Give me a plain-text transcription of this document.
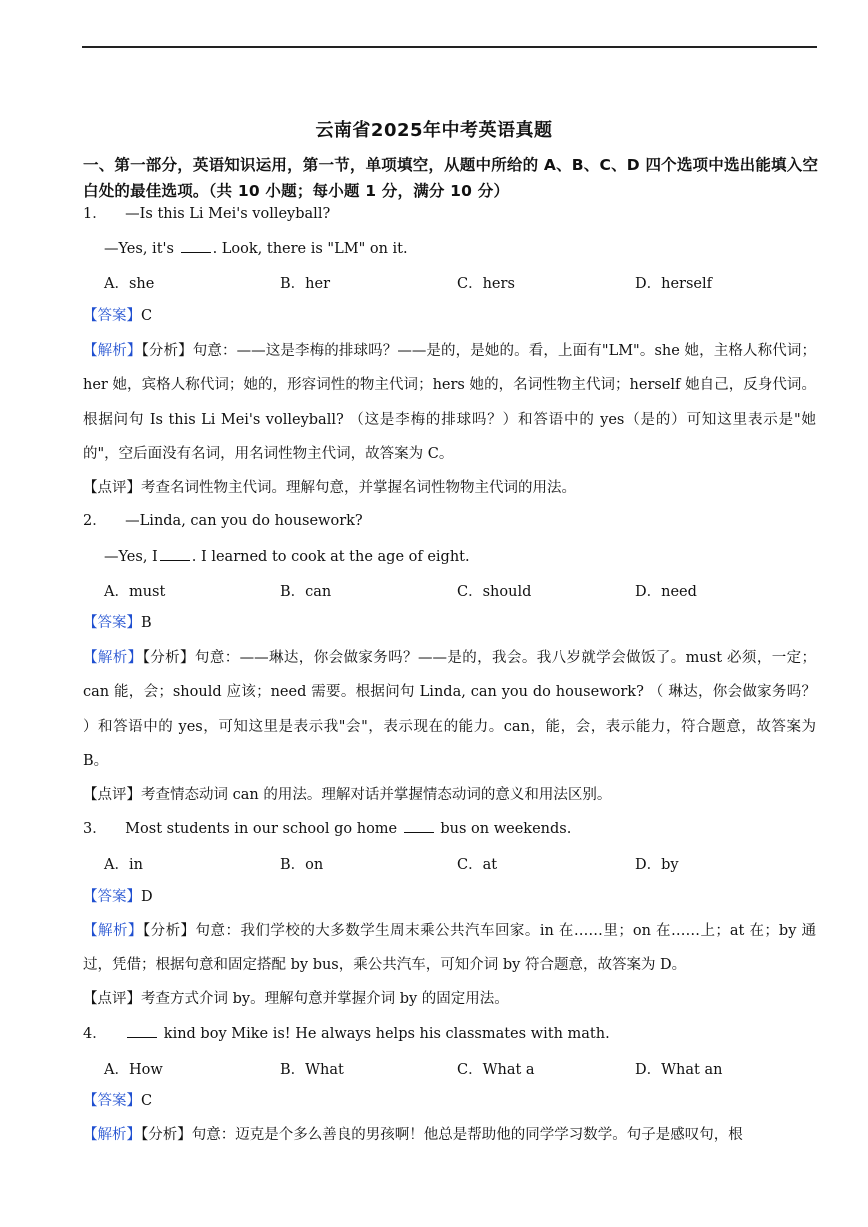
云南省2025年中考英语真题
一、第一部分，英语知识运用，第一节，单项填空，从题中所给的 A、B、C、D 四个选项中选出能填入空白处的最佳选项。（共 10 小题；每小题 1 分，满分 10 分）
1． —Is this Li Mei's volleyball?
—Yes, it's	. Look, there is "LM" on it.
A．she	B．her	C．hers	D．herself
【答案】C
【解析】【分析】句意：——这是李梅的排球吗？——是的，是她的。看，上面有"LM"。she 她，主格人称代词；her 她，宾格人称代词；她的，形容词性的物主代词；hers 她的，名词性物主代词；herself 她自己，反身代词。根据问句 Is this Li Mei's volleyball? （这是李梅的排球吗？）和答语中的 yes（是的）可知这里表示是"她的"，空后面没有名词，用名词性物主代词，故答案为 C。
【点评】考查名词性物主代词。理解句意，并掌握名词性物物主代词的用法。
2． —Linda, can you do housework?
—Yes, I . I learned to cook at the age of eight.
A．must	B．can	C．should	D．need
【答案】B
【解析】【分析】句意：——琳达，你会做家务吗？——是的，我会。我八岁就学会做饭了。must 必须，一定；can 能，会；should 应该；need 需要。根据问句 Linda, can you do housework? （ 琳达，你会做家务吗？ ）和答语中的 yes，可知这里是表示我"会"，表示现在的能力。can，能，会，表示能力，符合题意，故答案为 B。
【点评】考查情态动词 can 的用法。理解对话并掌握情态动词的意义和用法区别。
3． Most students in our school go home	bus on weekends.
A．in	B．on	C．at	D．by
【答案】D
【解析】【分析】句意：我们学校的大多数学生周末乘公共汽车回家。in 在……里；on 在……上；at 在；by 通过，凭借；根据句意和固定搭配 by bus，乘公共汽车，可知介词 by 符合题意，故答案为 D。
【点评】考查方式介词 by。理解句意并掌握介词 by 的固定用法。
4．	kind boy Mike is! He always helps his classmates with math.
A．How	B．What	C．What a	D．What an
【答案】C
【解析】【分析】句意：迈克是个多么善良的男孩啊！他总是帮助他的同学学习数学。句子是感叹句，根
